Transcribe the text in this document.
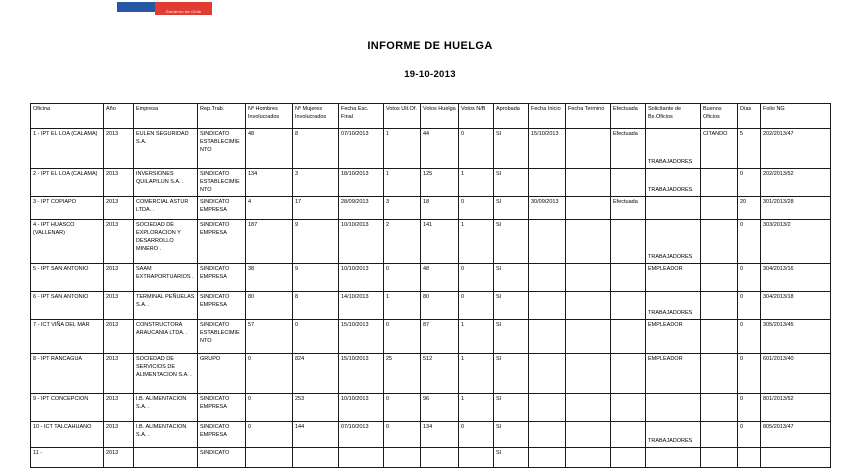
Gobierno de Chile
INFORME DE HUELGA
19-10-2013
Oficina	Año	Empresa	Rep.Trab.	Nº Hombres Involucrados	Nº Mujeres Involucrados	Fecha Esc. Final	Votos Ult.Of.	Votos Huelga	Votos N/B	Aprobada	Fecha Inicio	Fecha Termino	Efectuada	Solicitante de Bs.Oficios	Buenos Oficios	Días	Folio NG
1 - IPT EL LOA (CALAMA)	2013	EULEN SEGURIDAD S.A.	SINDICATO ESTABLECIMIENTO	48	8	07/10/2013	1	44	0	SI	15/10/2013		Efectuada	TRABAJADORES	CITANDO	5	202/2013/47
2 - IPT EL LOA (CALAMA)	2013	INVERSIONES QUILAPILUN S.A. .	SINDICATO ESTABLECIMIENTO	134	3	18/10/2013	1	125	1	SI				TRABAJADORES		0	202/2013/52
3 - IPT COPIAPO	2013	COMERCIAL ASTUR LTDA. .	SINDICATO EMPRESA	4	17	28/09/2013	3	18	0	SI	30/09/2013		Efectuada			20	301/2013/28
4 - IPT HUASCO (VALLENAR)	2013	SOCIEDAD DE EXPLORACION Y DESARROLLO MINERO .	SINDICATO EMPRESA	187	9	10/10/2013	2	141	1	SI				TRABAJADORES		0	303/2013/2
5 - IPT SAN ANTONIO	2013	SAAM EXTRAPORTUARIOS .	SINDICATO EMPRESA	38	9	10/10/2013	0	48	0	SI				EMPLEADOR		0	304/2013/16
6 - IPT SAN ANTONIO	2013	TERMINAL PEÑUELAS S.A. .	SINDICATO EMPRESA	80	8	14/10/2013	1	80	0	SI				TRABAJADORES		0	304/2013/18
7 - ICT VIÑA DEL MAR	2013	CONSTRUCTORA ARAUCANIA LTDA. .	SINDICATO ESTABLECIMIENTO	57	0	15/10/2013	0	87	1	SI				EMPLEADOR		0	305/2013/45
8 - IPT RANCAGUA	2013	SOCIEDAD DE SERVICIOS DE ALIMENTACION S.A. .	GRUPO	0	824	15/10/2013	25	512	1	SI				EMPLEADOR		0	601/2013/40
9 - IPT CONCEPCION	2013	I.B. ALIMENTACION S.A. .	SINDICATO EMPRESA	0	253	10/10/2013	0	96	1	SI						0	801/2013/52
10 - ICT TALCAHUANO	2013	I.B. ALIMENTACION S.A. .	SINDICATO EMPRESA	0	144	07/10/2013	0	134	0	SI				TRABAJADORES		0	805/2013/47
11 -	2013		SINDICATO							SI							
